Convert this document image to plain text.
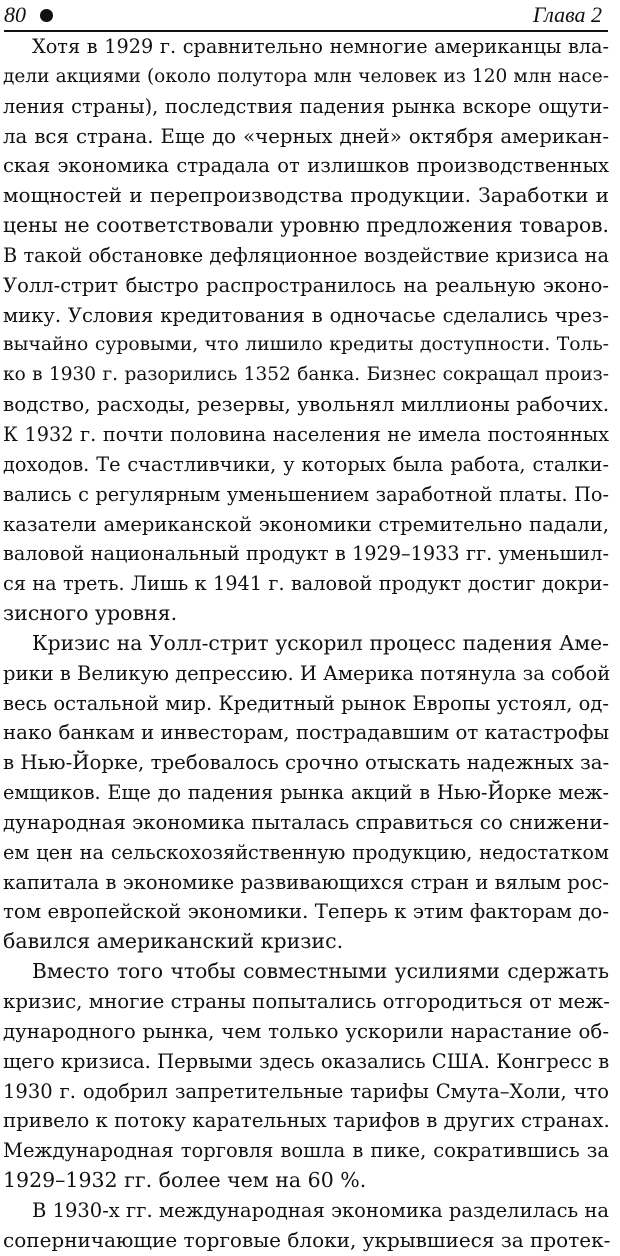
80	Глава 2
Хотя в 1929 г. сравнительно немногие американцы вла-
дели акциями (около полутора млн человек из 120 млн насе-
ления страны), последствия падения рынка вскоре ощути-
ла вся страна. Еще до «черных дней» октября американ-
ская экономика страдала от излишков производственных
мощностей и перепроизводства продукции. Заработки и
цены не соответствовали уровню предложения товаров.
В такой обстановке дефляционное воздействие кризиса на
Уолл-стрит быстро распространилось на реальную эконо-
мику. Условия кредитования в одночасье сделались чрез-
вычайно суровыми, что лишило кредиты доступности. Толь-
ко в 1930 г. разорились 1352 банка. Бизнес сокращал произ-
водство, расходы, резервы, увольнял миллионы рабочих.
К 1932 г. почти половина населения не имела постоянных
доходов. Те счастливчики, у которых была работа, сталки-
вались с регулярным уменьшением заработной платы. По-
казатели американской экономики стремительно падали,
валовой национальный продукт в 1929–1933 гг. уменьшил-
ся на треть. Лишь к 1941 г. валовой продукт достиг докри-
зисного уровня.
Кризис на Уолл-стрит ускорил процесс падения Аме-
рики в Великую депрессию. И Америка потянула за собой
весь остальной мир. Кредитный рынок Европы устоял, од-
нако банкам и инвесторам, пострадавшим от катастрофы
в Нью-Йорке, требовалось срочно отыскать надежных за-
емщиков. Еще до падения рынка акций в Нью-Йорке меж-
дународная экономика пыталась справиться со снижени-
ем цен на сельскохозяйственную продукцию, недостатком
капитала в экономике развивающихся стран и вялым рос-
том европейской экономики. Теперь к этим факторам до-
бавился американский кризис.
Вместо того чтобы совместными усилиями сдержать
кризис, многие страны попытались отгородиться от меж-
дународного рынка, чем только ускорили нарастание об-
щего кризиса. Первыми здесь оказались США. Конгресс в
1930 г. одобрил запретительные тарифы Смута–Холи, что
привело к потоку карательных тарифов в других странах.
Международная торговля вошла в пике, сократившись за
1929–1932 гг. более чем на 60 %.
В 1930-х гг. международная экономика разделилась на
соперничающие торговые блоки, укрывшиеся за протек-
